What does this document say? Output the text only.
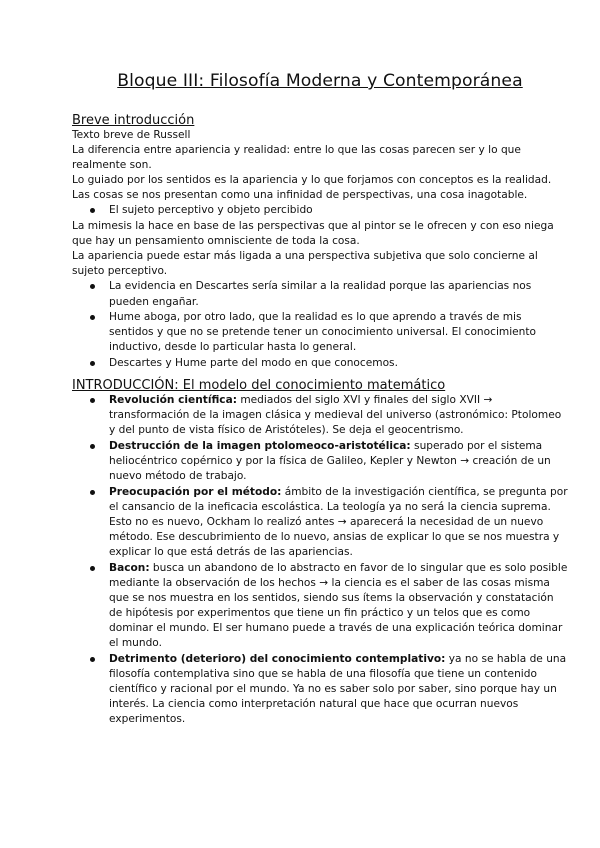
Bloque III: Filosofía Moderna y Contemporánea
Breve introducción

Texto breve de Russell

La diferencia entre apariencia y realidad: entre lo que las cosas parecen ser y lo que realmente son.

Lo guiado por los sentidos es la apariencia y lo que forjamos con conceptos es la realidad.

Las cosas se nos presentan como una infinidad de perspectivas, una cosa inagotable.

El sujeto perceptivo y objeto percibido

La mimesis la hace en base de las perspectivas que al pintor se le ofrecen y con eso niega que hay un pensamiento omnisciente de toda la cosa.

La apariencia puede estar más ligada a una perspectiva subjetiva que solo concierne al sujeto perceptivo.

La evidencia en Descartes sería similar a la realidad porque las apariencias nos pueden engañar.
Hume aboga, por otro lado, que la realidad es lo que aprendo a través de mis sentidos y que no se pretende tener un conocimiento universal. El conocimiento inductivo, desde lo particular hasta lo general.
Descartes y Hume parte del modo en que conocemos.
INTRODUCCIÓN: El modelo del conocimiento matemático
Revolución científica: mediados del siglo XVI y finales del siglo XVII → transformación de la imagen clásica y medieval del universo (astronómico: Ptolomeo y del punto de vista físico de Aristóteles). Se deja el geocentrismo.
Destrucción de la imagen ptolomeoco-aristotélica: superado por el sistema heliocéntrico copérnico y por la física de Galileo, Kepler y Newton → creación de un nuevo método de trabajo.
Preocupación por el método: ámbito de la investigación científica, se pregunta por el cansancio de la ineficacia escolástica. La teología ya no será la ciencia suprema. Esto no es nuevo, Ockham lo realizó antes → aparecerá la necesidad de un nuevo método. Ese descubrimiento de lo nuevo, ansias de explicar lo que se nos muestra y explicar lo que está detrás de las apariencias.
Bacon: busca un abandono de lo abstracto en favor de lo singular que es solo posible mediante la observación de los hechos → la ciencia es el saber de las cosas misma que se nos muestra en los sentidos, siendo sus ítems la observación y constatación de hipótesis por experimentos que tiene un fin práctico y un telos que es como dominar el mundo. El ser humano puede a través de una explicación teórica dominar el mundo.
Detrimento (deterioro) del conocimiento contemplativo: ya no se habla de una filosofía contemplativa sino que se habla de una filosofía que tiene un contenido científico y racional por el mundo. Ya no es saber solo por saber, sino porque hay un interés. La ciencia como interpretación natural que hace que ocurran nuevos experimentos.
